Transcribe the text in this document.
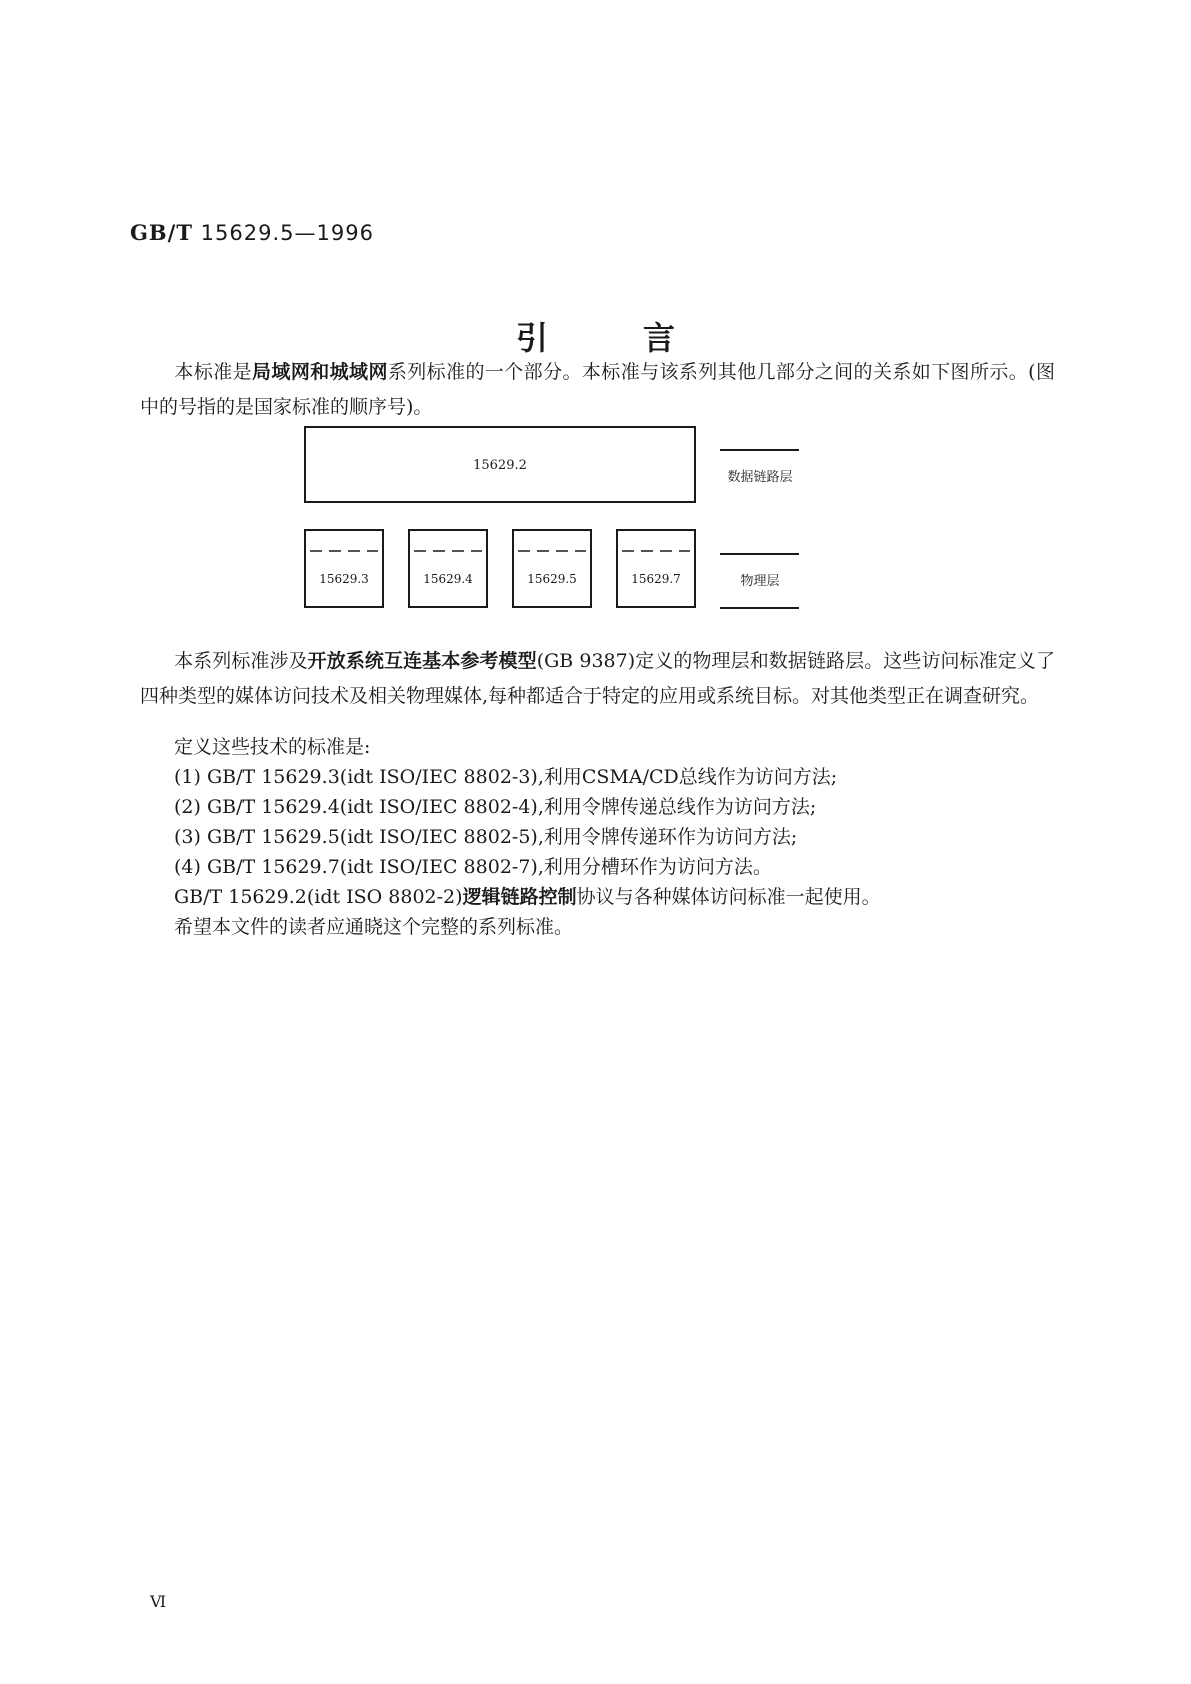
GB/T 15629.5—1996
引言
本标准是局域网和城域网系列标准的一个部分。本标准与该系列其他几部分之间的关系如下图所示。(图中的号指的是国家标准的顺序号)。
15629.2
15629.3	15629.4	15629.5	15629.7
数据链路层
物理层
本系列标准涉及开放系统互连基本参考模型(GB 9387)定义的物理层和数据链路层。这些访问标准定义了四种类型的媒体访问技术及相关物理媒体,每种都适合于特定的应用或系统目标。对其他类型正在调查研究。
定义这些技术的标准是:
(1) GB/T 15629.3(idt ISO/IEC 8802-3),利用CSMA/CD总线作为访问方法;
(2) GB/T 15629.4(idt ISO/IEC 8802-4),利用令牌传递总线作为访问方法;
(3) GB/T 15629.5(idt ISO/IEC 8802-5),利用令牌传递环作为访问方法;
(4) GB/T 15629.7(idt ISO/IEC 8802-7),利用分槽环作为访问方法。
GB/T 15629.2(idt ISO 8802-2)逻辑链路控制协议与各种媒体访问标准一起使用。
希望本文件的读者应通晓这个完整的系列标准。
Ⅵ
